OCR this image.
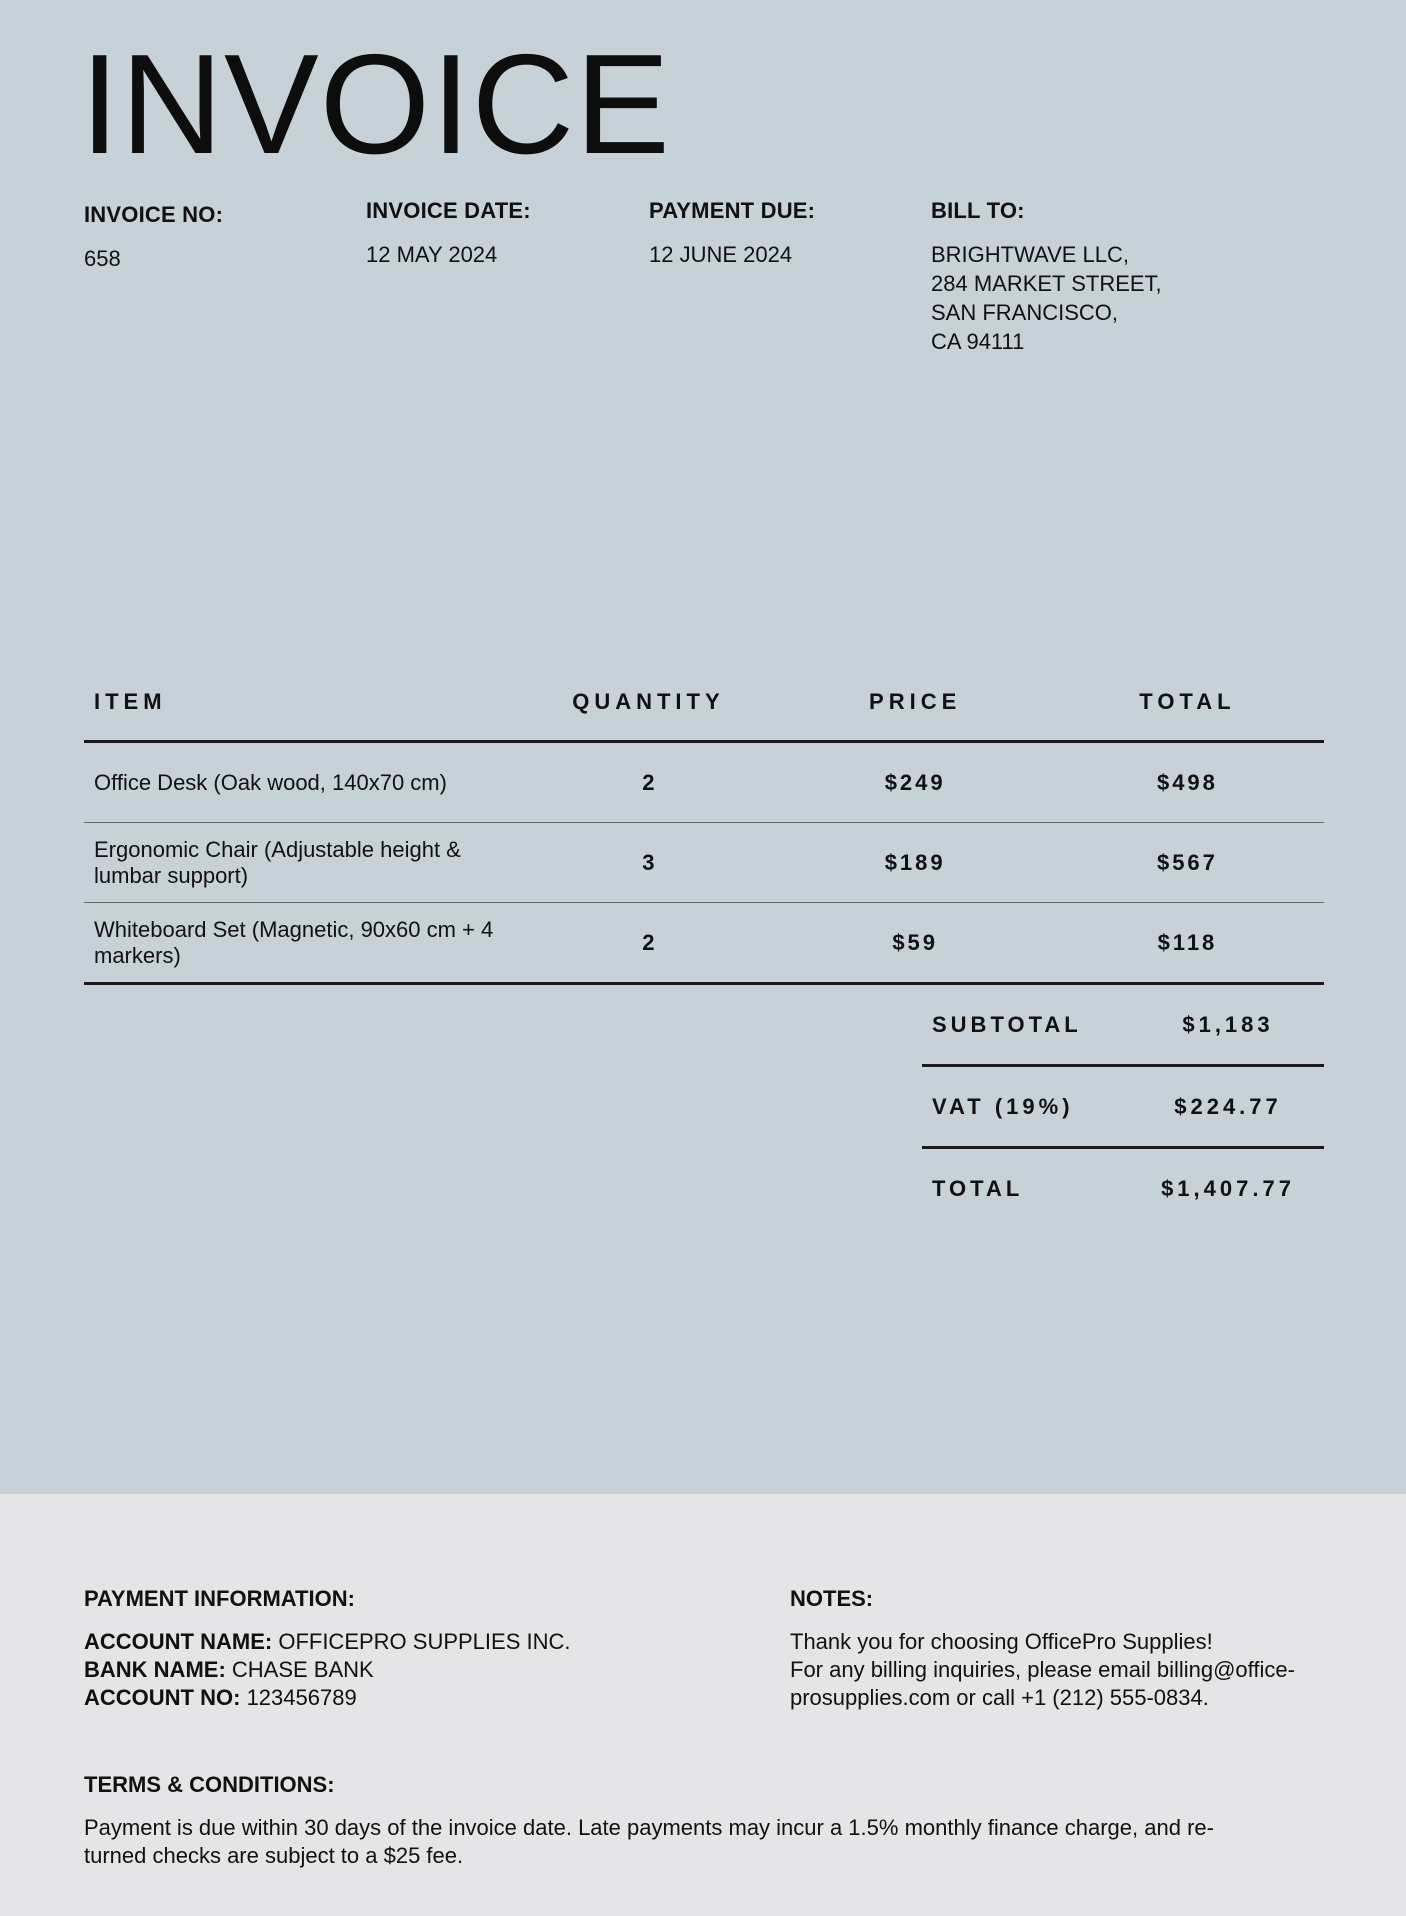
INVOICE
INVOICE NO:
658
INVOICE DATE:
12 MAY 2024
PAYMENT DUE:
12 JUNE 2024
BILL TO:
BRIGHTWAVE LLC,
284 MARKET STREET,
SAN FRANCISCO,
CA 94111
ITEM	QUANTITY	PRICE	TOTAL
Office Desk (Oak wood, 140x70 cm)	2	$249	$498
Ergonomic Chair (Adjustable height & lumbar support)	3	$189	$567
Whiteboard Set (Magnetic, 90x60 cm + 4 markers)	2	$59	$118
SUBTOTAL	$1,183
VAT (19%)	$224.77
TOTAL	$1,407.77
PAYMENT INFORMATION:
ACCOUNT NAME: OFFICEPRO SUPPLIES INC.
BANK NAME: CHASE BANK
ACCOUNT NO: 123456789
NOTES:
Thank you for choosing OfficePro Supplies!
For any billing inquiries, please email billing@office-
prosupplies.com or call +1 (212) 555-0834.
TERMS & CONDITIONS:
Payment is due within 30 days of the invoice date. Late payments may incur a 1.5% monthly finance charge, and re-
turned checks are subject to a $25 fee.
